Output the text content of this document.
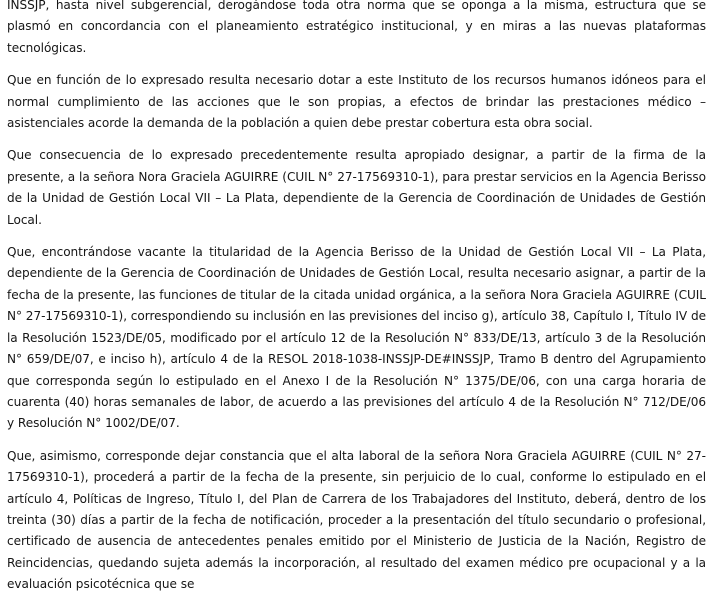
INSSJP, hasta nivel subgerencial, derogándose toda otra norma que se oponga a la misma, estructura que se plasmó en concordancia con el planeamiento estratégico institucional, y en miras a las nuevas plataformas tecnológicas.

Que en función de lo expresado resulta necesario dotar a este Instituto de los recursos humanos idóneos para el normal cumplimiento de las acciones que le son propias, a efectos de brindar las prestaciones médico – asistenciales acorde la demanda de la población a quien debe prestar cobertura esta obra social.

Que consecuencia de lo expresado precedentemente resulta apropiado designar, a partir de la firma de la presente, a la señora Nora Graciela AGUIRRE (CUIL N° 27-17569310-1), para prestar servicios en la Agencia Berisso de la Unidad de Gestión Local VII – La Plata, dependiente de la Gerencia de Coordinación de Unidades de Gestión Local.

Que, encontrándose vacante la titularidad de la Agencia Berisso de la Unidad de Gestión Local VII – La Plata, dependiente de la Gerencia de Coordinación de Unidades de Gestión Local, resulta necesario asignar, a partir de la fecha de la presente, las funciones de titular de la citada unidad orgánica, a la señora Nora Graciela AGUIRRE (CUIL N° 27-17569310-1), correspondiendo su inclusión en las previsiones del inciso g), artículo 38, Capítulo I, Título IV de la Resolución 1523/DE/05, modificado por el artículo 12 de la Resolución N° 833/DE/13, artículo 3 de la Resolución N° 659/DE/07, e inciso h), artículo 4 de la RESOL 2018-1038-INSSJP-DE#INSSJP, Tramo B dentro del Agrupamiento que corresponda según lo estipulado en el Anexo I de la Resolución N° 1375/DE/06, con una carga horaria de cuarenta (40) horas semanales de labor, de acuerdo a las previsiones del artículo 4 de la Resolución N° 712/DE/06 y Resolución N° 1002/DE/07.

Que, asimismo, corresponde dejar constancia que el alta laboral de la señora Nora Graciela AGUIRRE (CUIL N° 27-17569310-1), procederá a partir de la fecha de la presente, sin perjuicio de lo cual, conforme lo estipulado en el artículo 4, Políticas de Ingreso, Título I, del Plan de Carrera de los Trabajadores del Instituto, deberá, dentro de los treinta (30) días a partir de la fecha de notificación, proceder a la presentación del título secundario o profesional, certificado de ausencia de antecedentes penales emitido por el Ministerio de Justicia de la Nación, Registro de Reincidencias, quedando sujeta además la incorporación, al resultado del examen médico pre ocupacional y a la evaluación psicotécnica que se
